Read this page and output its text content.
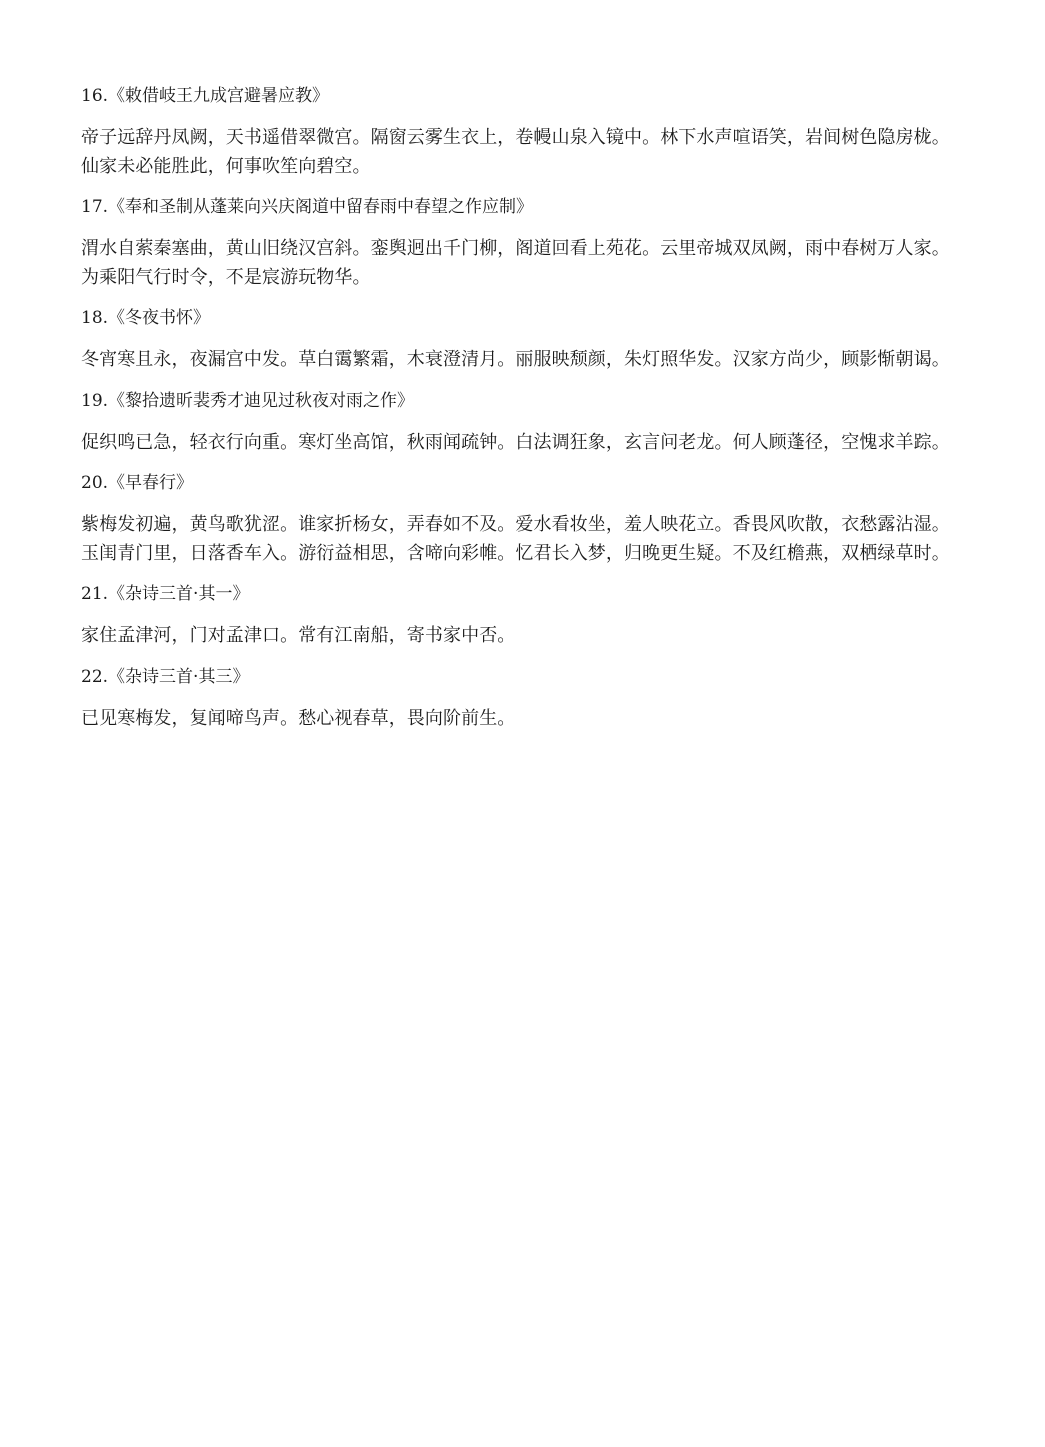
16.《敕借岐王九成宫避暑应教》

帝子远辞丹凤阙，天书遥借翠微宫。隔窗云雾生衣上，卷幔山泉入镜中。林下水声喧语笑，岩间树色隐房栊。仙家未必能胜此，何事吹笙向碧空。

17.《奉和圣制从蓬莱向兴庆阁道中留春雨中春望之作应制》

渭水自萦秦塞曲，黄山旧绕汉宫斜。銮舆迥出千门柳，阁道回看上苑花。云里帝城双凤阙，雨中春树万人家。为乘阳气行时令，不是宸游玩物华。

18.《冬夜书怀》

冬宵寒且永，夜漏宫中发。草白霭繁霜，木衰澄清月。丽服映颓颜，朱灯照华发。汉家方尚少，顾影惭朝谒。

19.《黎拾遗昕裴秀才迪见过秋夜对雨之作》

促织鸣已急，轻衣行向重。寒灯坐高馆，秋雨闻疏钟。白法调狂象，玄言问老龙。何人顾蓬径，空愧求羊踪。

20.《早春行》

紫梅发初遍，黄鸟歌犹涩。谁家折杨女，弄春如不及。爱水看妆坐，羞人映花立。香畏风吹散，衣愁露沾湿。玉闺青门里，日落香车入。游衍益相思，含啼向彩帷。忆君长入梦，归晚更生疑。不及红檐燕，双栖绿草时。

21.《杂诗三首·其一》

家住孟津河，门对孟津口。常有江南船，寄书家中否。

22.《杂诗三首·其三》

已见寒梅发，复闻啼鸟声。愁心视春草，畏向阶前生。
